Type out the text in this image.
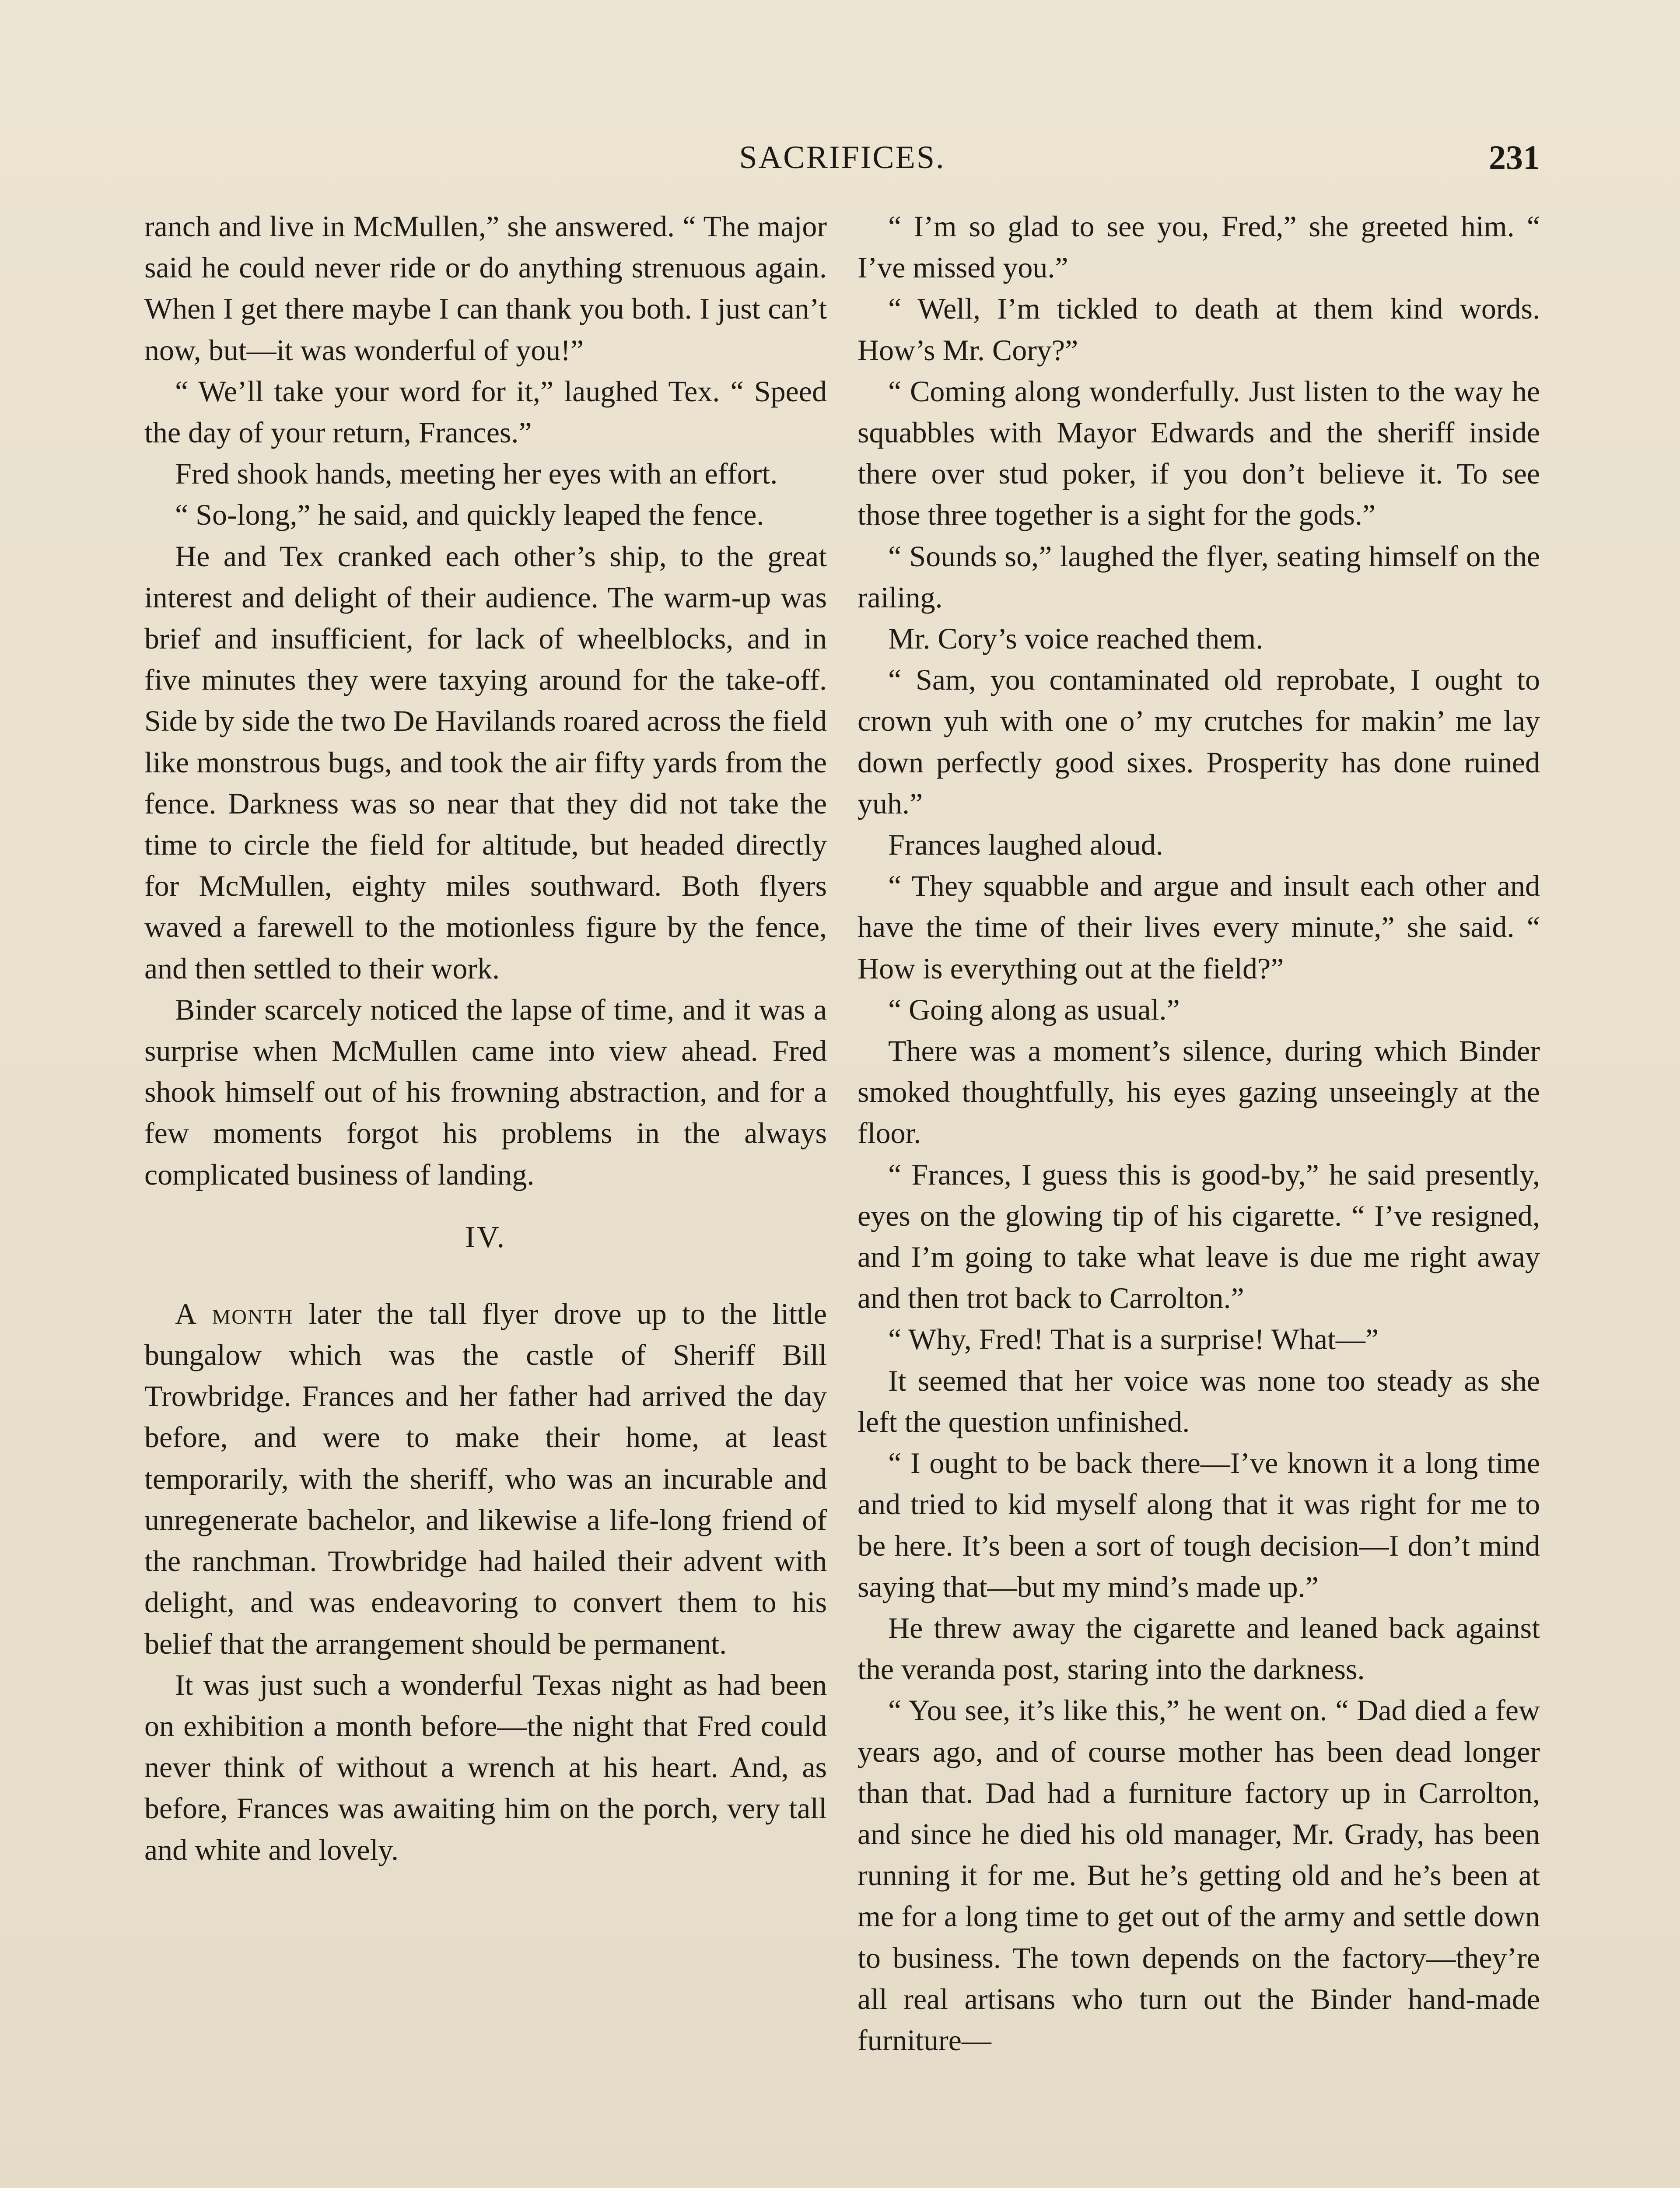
SACRIFICES.	231

ranch and live in McMullen,” she answered. “ The major said he could never ride or do anything strenuous again. When I get there maybe I can thank you both. I just can’t now, but—it was wonderful of you!”

“ We’ll take your word for it,” laughed Tex. “ Speed the day of your return, Frances.”

Fred shook hands, meeting her eyes with an effort.

“ So-long,” he said, and quickly leaped the fence.

He and Tex cranked each other’s ship, to the great interest and delight of their audience. The warm-up was brief and insufficient, for lack of wheelblocks, and in five minutes they were taxying around for the take-off. Side by side the two De Havilands roared across the field like monstrous bugs, and took the air fifty yards from the fence. Darkness was so near that they did not take the time to circle the field for altitude, but headed directly for McMullen, eighty miles southward. Both flyers waved a farewell to the motionless figure by the fence, and then settled to their work.

Binder scarcely noticed the lapse of time, and it was a surprise when McMullen came into view ahead. Fred shook himself out of his frowning abstraction, and for a few moments forgot his problems in the always complicated business of landing.

IV.

A month later the tall flyer drove up to the little bungalow which was the castle of Sheriff Bill Trowbridge. Frances and her father had arrived the day before, and were to make their home, at least temporarily, with the sheriff, who was an incurable and unregenerate bachelor, and likewise a life-long friend of the ranchman. Trowbridge had hailed their advent with delight, and was endeavoring to convert them to his belief that the arrangement should be permanent.

It was just such a wonderful Texas night as had been on exhibition a month before—the night that Fred could never think of without a wrench at his heart. And, as before, Frances was awaiting him on the porch, very tall and white and lovely.

“ I’m so glad to see you, Fred,” she greeted him. “ I’ve missed you.”

“ Well, I’m tickled to death at them kind words. How’s Mr. Cory?”

“ Coming along wonderfully. Just listen to the way he squabbles with Mayor Edwards and the sheriff inside there over stud poker, if you don’t believe it. To see those three together is a sight for the gods.”

“ Sounds so,” laughed the flyer, seating himself on the railing.

Mr. Cory’s voice reached them.

“ Sam, you contaminated old reprobate, I ought to crown yuh with one o’ my crutches for makin’ me lay down perfectly good sixes. Prosperity has done ruined yuh.”

Frances laughed aloud.

“ They squabble and argue and insult each other and have the time of their lives every minute,” she said. “ How is everything out at the field?”

“ Going along as usual.”

There was a moment’s silence, during which Binder smoked thoughtfully, his eyes gazing unseeingly at the floor.

“ Frances, I guess this is good-by,” he said presently, eyes on the glowing tip of his cigarette. “ I’ve resigned, and I’m going to take what leave is due me right away and then trot back to Carrolton.”

“ Why, Fred! That is a surprise! What—”

It seemed that her voice was none too steady as she left the question unfinished.

“ I ought to be back there—I’ve known it a long time and tried to kid myself along that it was right for me to be here. It’s been a sort of tough decision—I don’t mind saying that—but my mind’s made up.”

He threw away the cigarette and leaned back against the veranda post, staring into the darkness.

“ You see, it’s like this,” he went on. “ Dad died a few years ago, and of course mother has been dead longer than that. Dad had a furniture factory up in Carrolton, and since he died his old manager, Mr. Grady, has been running it for me. But he’s getting old and he’s been at me for a long time to get out of the army and settle down to business. The town depends on the factory—they’re all real artisans who turn out the Binder hand-made furniture—
